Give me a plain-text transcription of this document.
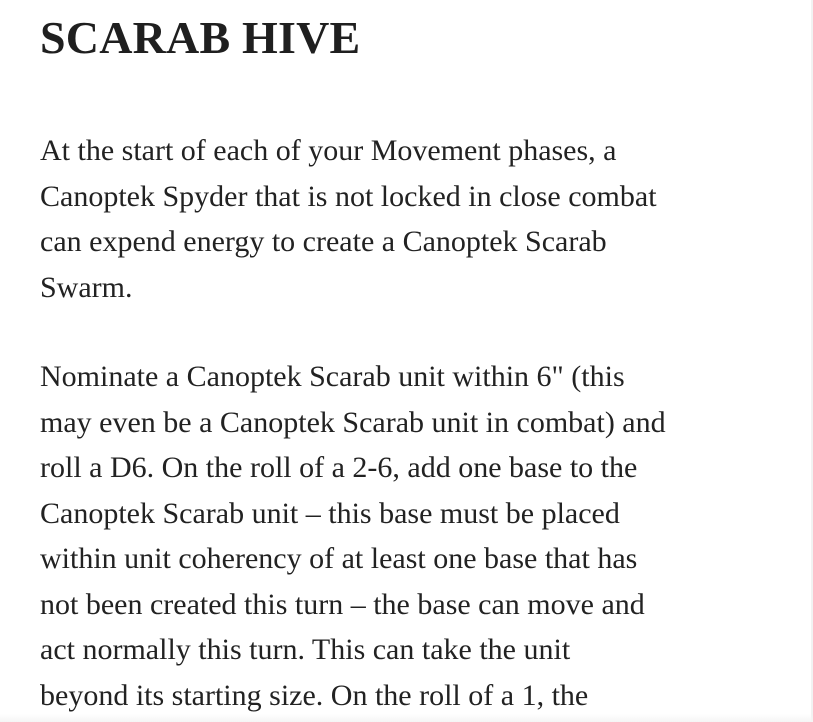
SCARAB HIVE

At the start of each of your Movement phases, a
Canoptek Spyder that is not locked in close combat
can expend energy to create a Canoptek Scarab
Swarm.

Nominate a Canoptek Scarab unit within 6" (this
may even be a Canoptek Scarab unit in combat) and
roll a D6. On the roll of a 2-6, add one base to the
Canoptek Scarab unit – this base must be placed
within unit coherency of at least one base that has
not been created this turn – the base can move and
act normally this turn. This can take the unit
beyond its starting size. On the roll of a 1, the
